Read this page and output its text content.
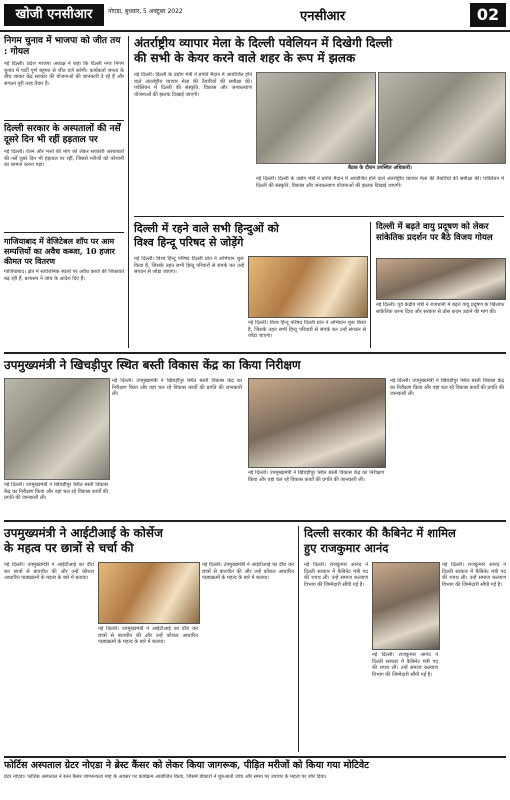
खोजी एनसीआर	नोएडा, बुधवार, 5 अक्टूबर 2022	एनसीआर	02
निगम चुनाव में भाजपा को जीत तय : गोयल

नई दिल्ली। प्रदेश भाजपा अध्यक्ष ने कहा कि दिल्ली नगर निगम चुनाव में पार्टी पूर्ण बहुमत से जीत दर्ज करेगी। कार्यकर्ता जनता के बीच जाकर केंद्र सरकार की योजनाओं की जानकारी दे रहे हैं और संगठन पूरी तरह तैयार है।

दिल्ली सरकार के अस्पतालों की नर्सें दूसरे दिन भी रहीं हड़ताल पर

नई दिल्ली। वेतन और भत्तों की मांग को लेकर सरकारी अस्पतालों की नर्सें दूसरे दिन भी हड़ताल पर रहीं, जिससे मरीजों को परेशानी का सामना करना पड़ा।

गाजियाबाद में वेजिटेबल शॉप पर आम सम्पत्तियों का अवैध कब्जा, 10 हजार कीमत पर वितरण

गाजियाबाद। क्षेत्र में सार्वजनिक स्थलों पर अवैध कब्जे की शिकायतें बढ़ रही हैं, प्रशासन ने जांच के आदेश दिए हैं।

अंतर्राष्ट्रीय व्यापार मेला के दिल्ली पवेलियन में दिखेगी दिल्ली
की सभी के केयर करने वाले शहर के रूप में झलक
नई दिल्ली। दिल्ली के उद्योग मंत्री ने प्रगति मैदान में आयोजित होने वाले अंतर्राष्ट्रीय व्यापार मेला की तैयारियों की समीक्षा की। पवेलियन में दिल्ली की संस्कृति, विकास और जनकल्याण योजनाओं की झलक दिखाई जाएगी।
बैठक के दौरान उपस्थित अधिकारी।
नई दिल्ली। दिल्ली के उद्योग मंत्री ने प्रगति मैदान में आयोजित होने वाले अंतर्राष्ट्रीय व्यापार मेला की तैयारियों की समीक्षा की। पवेलियन में दिल्ली की संस्कृति, विकास और जनकल्याण योजनाओं की झलक दिखाई जाएगी।
दिल्ली में रहने वाले सभी हिन्दुओं को
विश्व हिन्दू परिषद से जोड़ेंगे
नई दिल्ली। विश्व हिन्दू परिषद दिल्ली प्रांत ने अभियान शुरू किया है, जिसके तहत सभी हिन्दू परिवारों से संपर्क कर उन्हें संगठन से जोड़ा जाएगा।
नई दिल्ली। विश्व हिन्दू परिषद दिल्ली प्रांत ने अभियान शुरू किया है, जिसके तहत सभी हिन्दू परिवारों से संपर्क कर उन्हें संगठन से जोड़ा जाएगा।
दिल्ली में बढ़ते वायु प्रदूषण को लेकर सांकेतिक प्रदर्शन पर बैठे विजय गोयल
नई दिल्ली। पूर्व केंद्रीय मंत्री ने राजधानी में बढ़ते वायु प्रदूषण के खिलाफ सांकेतिक धरना दिया और सरकार से ठोस कदम उठाने की मांग की।
उपमुख्यमंत्री ने खिचड़ीपुर स्थित बस्ती विकास केंद्र का किया निरीक्षण
नई दिल्ली। उपमुख्यमंत्री ने खिचड़ीपुर स्थित बस्ती विकास केंद्र का निरीक्षण किया और वहां चल रहे विकास कार्यों की प्रगति की जानकारी ली।
नई दिल्ली। उपमुख्यमंत्री ने खिचड़ीपुर स्थित बस्ती विकास केंद्र का निरीक्षण किया और वहां चल रहे विकास कार्यों की प्रगति की जानकारी ली।
नई दिल्ली। उपमुख्यमंत्री ने खिचड़ीपुर स्थित बस्ती विकास केंद्र का निरीक्षण किया और वहां चल रहे विकास कार्यों की प्रगति की जानकारी ली।
नई दिल्ली। उपमुख्यमंत्री ने खिचड़ीपुर स्थित बस्ती विकास केंद्र का निरीक्षण किया और वहां चल रहे विकास कार्यों की प्रगति की जानकारी ली।
उपमुख्यमंत्री ने आईटीआई के कोर्सेज
के महत्व पर छात्रों से चर्चा की
नई दिल्ली। उपमुख्यमंत्री ने आईटीआई का दौरा कर छात्रों से बातचीत की और उन्हें कौशल आधारित पाठ्यक्रमों के महत्व के बारे में बताया।
नई दिल्ली। उपमुख्यमंत्री ने आईटीआई का दौरा कर छात्रों से बातचीत की और उन्हें कौशल आधारित पाठ्यक्रमों के महत्व के बारे में बताया।
नई दिल्ली। उपमुख्यमंत्री ने आईटीआई का दौरा कर छात्रों से बातचीत की और उन्हें कौशल आधारित पाठ्यक्रमों के महत्व के बारे में बताया।
दिल्ली सरकार की कैबिनेट में शामिल
हुए राजकुमार आनंद
नई दिल्ली। राजकुमार आनंद ने दिल्ली सरकार में कैबिनेट मंत्री पद की शपथ ली। उन्हें समाज कल्याण विभाग की जिम्मेदारी सौंपी गई है।
नई दिल्ली। राजकुमार आनंद ने दिल्ली सरकार में कैबिनेट मंत्री पद की शपथ ली। उन्हें समाज कल्याण विभाग की जिम्मेदारी सौंपी गई है।
नई दिल्ली। राजकुमार आनंद ने दिल्ली सरकार में कैबिनेट मंत्री पद की शपथ ली। उन्हें समाज कल्याण विभाग की जिम्मेदारी सौंपी गई है।
फोर्टिस अस्पताल ग्रेटर नोएडा ने ब्रेस्ट कैंसर को लेकर किया जागरूक, पीड़ित मरीजों को किया गया मोटिवेट
ग्रेटर नोएडा। फोर्टिस अस्पताल ने स्तन कैंसर जागरूकता माह के अवसर पर कार्यक्रम आयोजित किया, जिसमें डॉक्टरों ने शुरुआती जांच और समय पर उपचार के महत्व पर जोर दिया।
